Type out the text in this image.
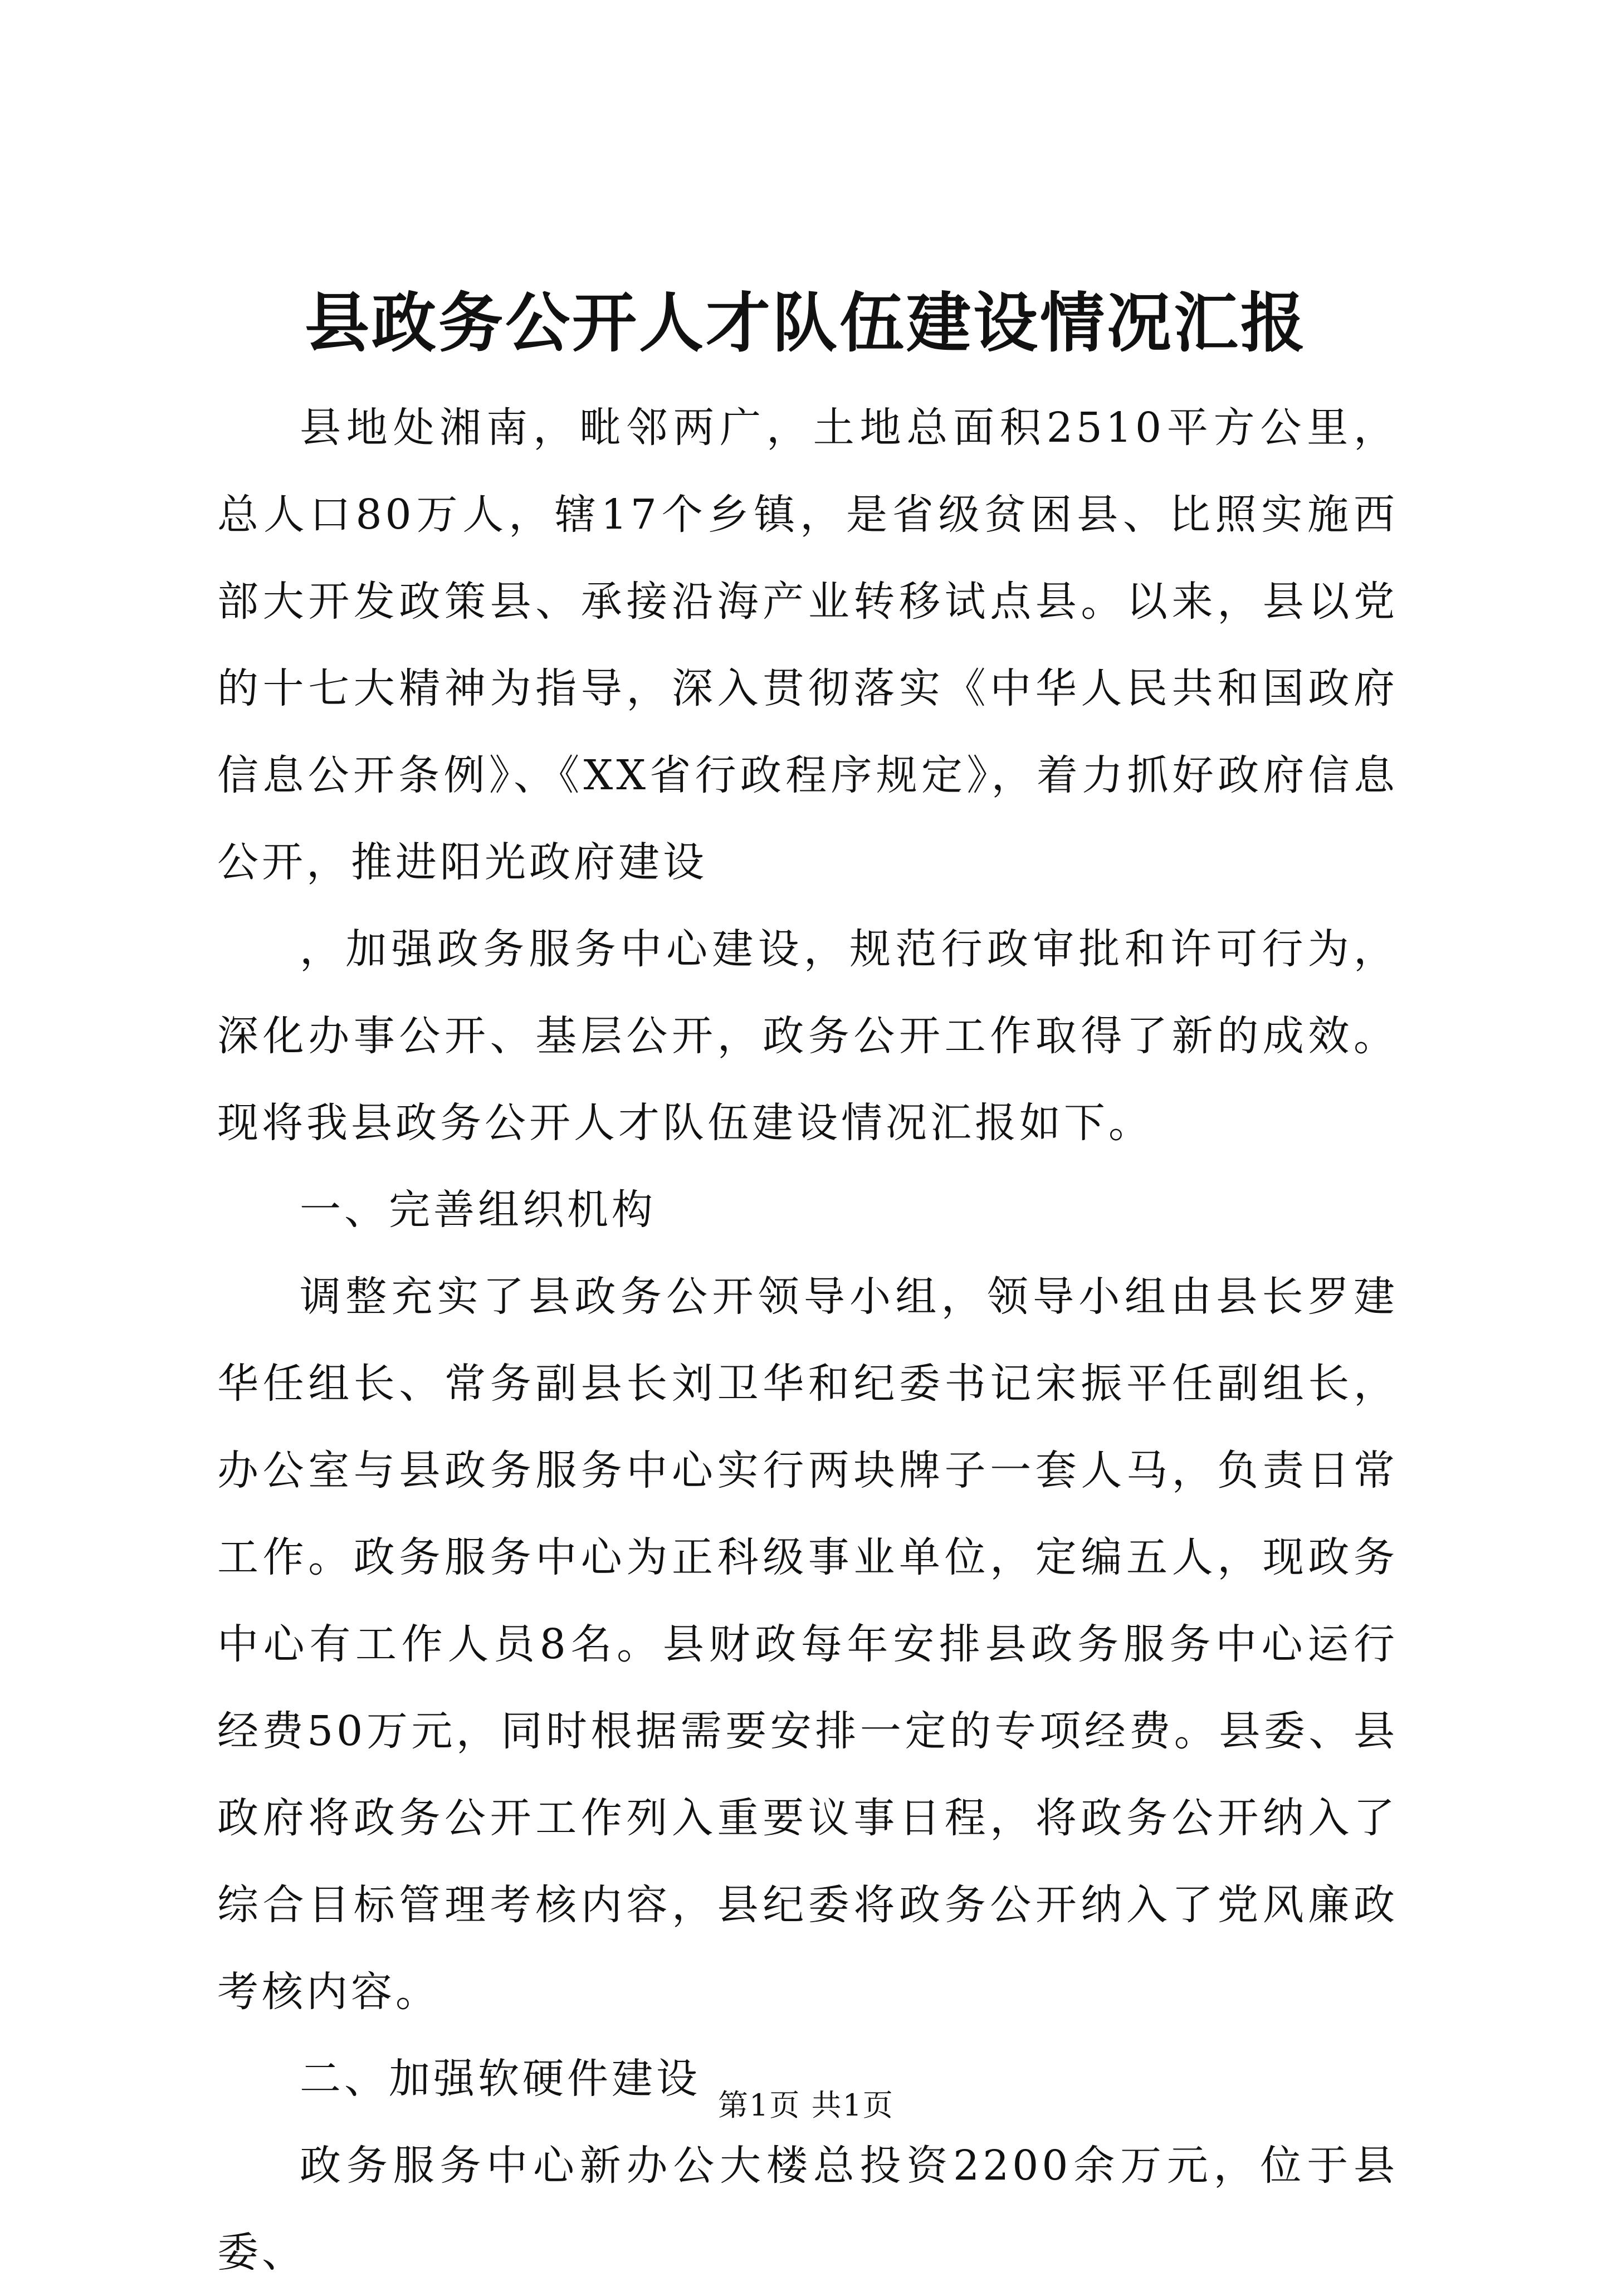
县政务公开人才队伍建设情况汇报

县地处湘南，毗邻两广，土地总面积2510平方公里，总人口80万人，辖17个乡镇，是省级贫困县、比照实施西部大开发政策县、承接沿海产业转移试点县。以来，县以党的十七大精神为指导，深入贯彻落实《中华人民共和国政府信息公开条例》、《XX省行政程序规定》，着力抓好政府信息公开，推进阳光政府建设

，加强政务服务中心建设，规范行政审批和许可行为，深化办事公开、基层公开，政务公开工作取得了新的成效。现将我县政务公开人才队伍建设情况汇报如下。

一、完善组织机构

调整充实了县政务公开领导小组，领导小组由县长罗建华任组长、常务副县长刘卫华和纪委书记宋振平任副组长，办公室与县政务服务中心实行两块牌子一套人马，负责日常工作。政务服务中心为正科级事业单位，定编五人，现政务中心有工作人员8名。县财政每年安排县政务服务中心运行经费50万元，同时根据需要安排一定的专项经费。县委、县政府将政务公开工作列入重要议事日程，将政务公开纳入了综合目标管理考核内容，县纪委将政务公开纳入了党风廉政考核内容。

二、加强软硬件建设

政务服务中心新办公大楼总投资2200余万元，位于县委、

第1页 共1页
